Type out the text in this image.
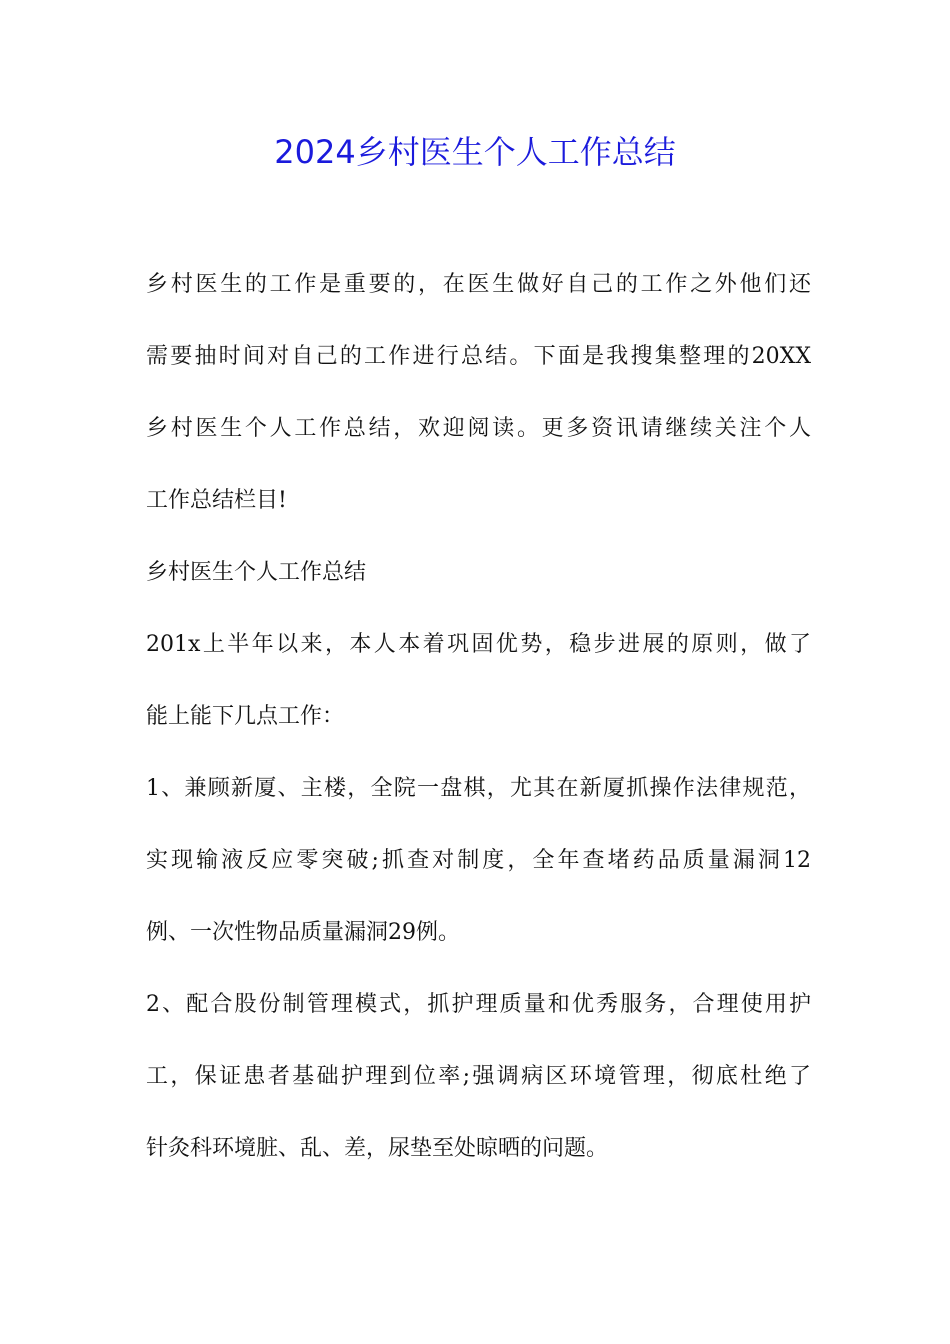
2024乡村医生个人工作总结
乡村医生的工作是重要的，在医生做好自己的工作之外他们还
需要抽时间对自己的工作进行总结。下面是我搜集整理的20XX
乡村医生个人工作总结，欢迎阅读。更多资讯请继续关注个人
工作总结栏目!
乡村医生个人工作总结
201x上半年以来，本人本着巩固优势，稳步进展的原则，做了
能上能下几点工作：
1、兼顾新厦、主楼，全院一盘棋，尤其在新厦抓操作法律规范，
实现输液反应零突破;抓查对制度，全年查堵药品质量漏洞12
例、一次性物品质量漏洞29例。
2、配合股份制管理模式，抓护理质量和优秀服务，合理使用护
工，保证患者基础护理到位率;强调病区环境管理，彻底杜绝了
针灸科环境脏、乱、差，尿垫至处晾晒的问题。
